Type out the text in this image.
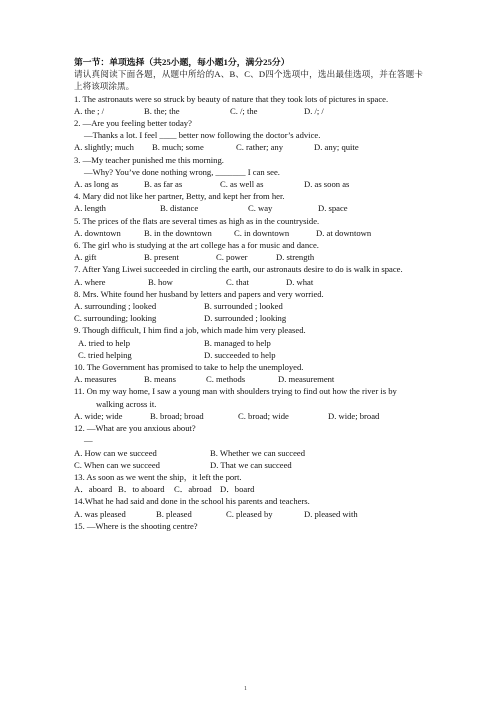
第一节：单项选择（共25小题，每小题1分，满分25分）
请认真阅读下面各题，从题中所给的A、B、C、D四个选项中，选出最佳选项，并在答题卡上将该项涂黑。
1. The astronauts were so struck by beauty of nature that they took lots of pictures in space.
A. the ; /	B. the; the	C. /; the	D. /; /
2. —Are you feeling better today?
—Thanks a lot. I feel ____ better now following the doctor’s advice.
A. slightly; much	B. much; some	C. rather; any	D. any; quite
3. —My teacher punished me this morning.
—Why? You’ve done nothing wrong, _______ I can see.
A. as long as	B. as far as	C. as well as	D. as soon as
4. Mary did not like her partner, Betty, and kept her from her.
A. length	B. distance	C. way	D. space
5. The prices of the flats are several times as high as in the countryside.
A. downtown	B. in the downtown	C. in downtown	D. at downtown
6. The girl who is studying at the art college has a for music and dance.
A. gift	B. present	C. power	D. strength
7. After Yang Liwei succeeded in circling the earth, our astronauts desire to do is walk in space.
A. where	B. how	C. that	D. what
8. Mrs. White found her husband by letters and papers and very worried.
A. surrounding ; looked	B. surrounded ; looked
C. surrounding; looking	D. surrounded ; looking
9. Though difficult, I him find a job, which made him very pleased.
A. tried to help	B. managed to help
C. tried helping	D. succeeded to help
10. The Government has promised to take to help the unemployed.
A. measures	B. means	C. methods	D. measurement
11. On my way home, I saw a young man with shoulders trying to find out how the river is by walking across it.
A. wide; wide	B. broad; broad	C. broad; wide	D. wide; broad
12. —What are you anxious about?
—
A. How can we succeed	B. Whether we can succeed
C. When can we succeed	D. That we can succeed
13. As soon as we went the ship，it left the port.
A．aboard B．to aboard	C．abroad D．board
14.What he had said and done in the school his parents and teachers.
A. was pleased	B. pleased	C. pleased by	D. pleased with
15. —Where is the shooting centre?
1
